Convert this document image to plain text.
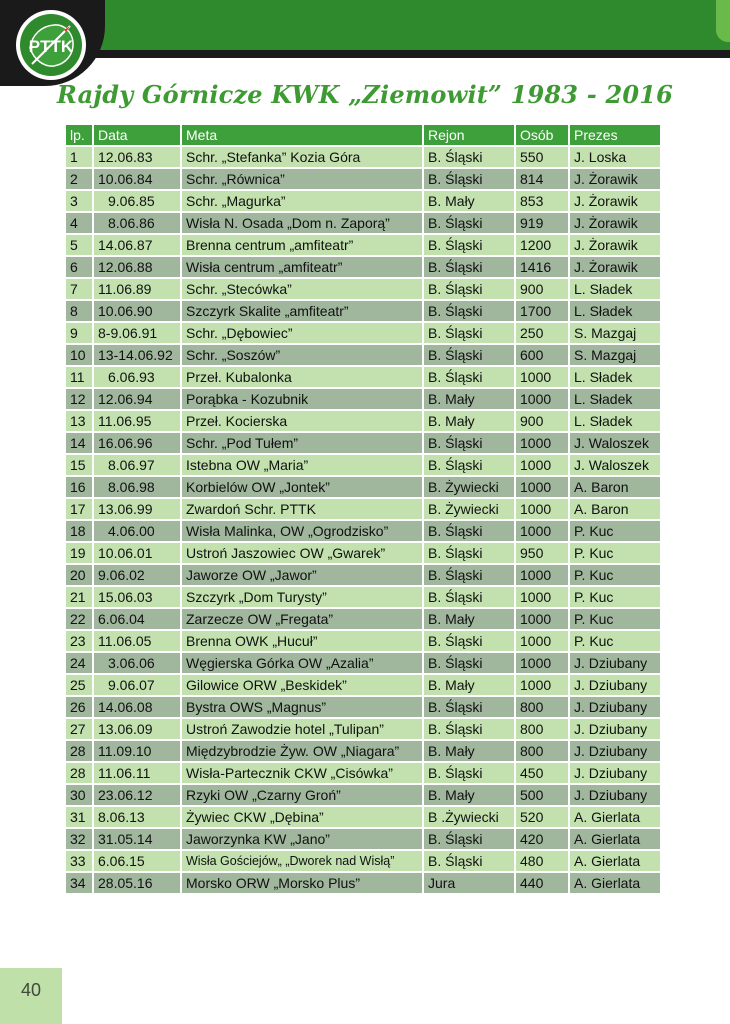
PTTK
Rajdy Górnicze KWK „Ziemowit” 1983 - 2016
lp.	Data	Meta	Rejon	Osób	Prezes
1	12.06.83	Schr. „Stefanka” Kozia Góra	B. Śląski	550	J. Loska
2	10.06.84	Schr. „Równica”	B. Śląski	814	J. Żorawik
3	9.06.85	Schr. „Magurka”	B. Mały	853	J. Żorawik
4	8.06.86	Wisła N. Osada „Dom n. Zaporą”	B. Śląski	919	J. Żorawik
5	14.06.87	Brenna centrum „amfiteatr”	B. Śląski	1200	J. Żorawik
6	12.06.88	Wisła centrum „amfiteatr”	B. Śląski	1416	J. Żorawik
7	11.06.89	Schr. „Stecówka”	B. Śląski	900	L. Sładek
8	10.06.90	Szczyrk Skalite „amfiteatr”	B. Śląski	1700	L. Sładek
9	8-9.06.91	Schr. „Dębowiec”	B. Śląski	250	S. Mazgaj
10	13-14.06.92	Schr. „Soszów”	B. Śląski	600	S. Mazgaj
11	6.06.93	Przeł. Kubalonka	B. Śląski	1000	L. Sładek
12	12.06.94	Porąbka - Kozubnik	B. Mały	1000	L. Sładek
13	11.06.95	Przeł. Kocierska	B. Mały	900	L. Sładek
14	16.06.96	Schr. „Pod Tułem”	B. Śląski	1000	J. Waloszek
15	8.06.97	Istebna OW „Maria”	B. Śląski	1000	J. Waloszek
16	8.06.98	Korbielów OW „Jontek”	B. Żywiecki	1000	A. Baron
17	13.06.99	Zwardoń Schr. PTTK	B. Żywiecki	1000	A. Baron
18	4.06.00	Wisła Malinka, OW „Ogrodzisko”	B. Śląski	1000	P. Kuc
19	10.06.01	Ustroń Jaszowiec OW „Gwarek”	B. Śląski	950	P. Kuc
20	9.06.02	Jaworze OW „Jawor”	B. Śląski	1000	P. Kuc
21	15.06.03	Szczyrk „Dom Turysty”	B. Śląski	1000	P. Kuc
22	6.06.04	Zarzecze OW „Fregata”	B. Mały	1000	P. Kuc
23	11.06.05	Brenna OWK „Hucuł”	B. Śląski	1000	P. Kuc
24	3.06.06	Węgierska Górka OW „Azalia”	B. Śląski	1000	J. Dziubany
25	9.06.07	Gilowice ORW „Beskidek”	B. Mały	1000	J. Dziubany
26	14.06.08	Bystra OWS „Magnus”	B. Śląski	800	J. Dziubany
27	13.06.09	Ustroń Zawodzie hotel „Tulipan”	B. Śląski	800	J. Dziubany
28	11.09.10	Międzybrodzie Żyw. OW „Niagara”	B. Mały	800	J. Dziubany
28	11.06.11	Wisła-Partecznik CKW „Cisówka”	B. Śląski	450	J. Dziubany
30	23.06.12	Rzyki OW „Czarny Groń”	B. Mały	500	J. Dziubany
31	8.06.13	Żywiec CKW „Dębina”	B .Żywiecki	520	A. Gierlata
32	31.05.14	Jaworzynka KW „Jano”	B. Śląski	420	A. Gierlata
33	6.06.15	Wisła Gościejów„ „Dworek nad Wisłą”	B. Śląski	480	A. Gierlata
34	28.05.16	Morsko ORW „Morsko Plus”	Jura	440	A. Gierlata
40
